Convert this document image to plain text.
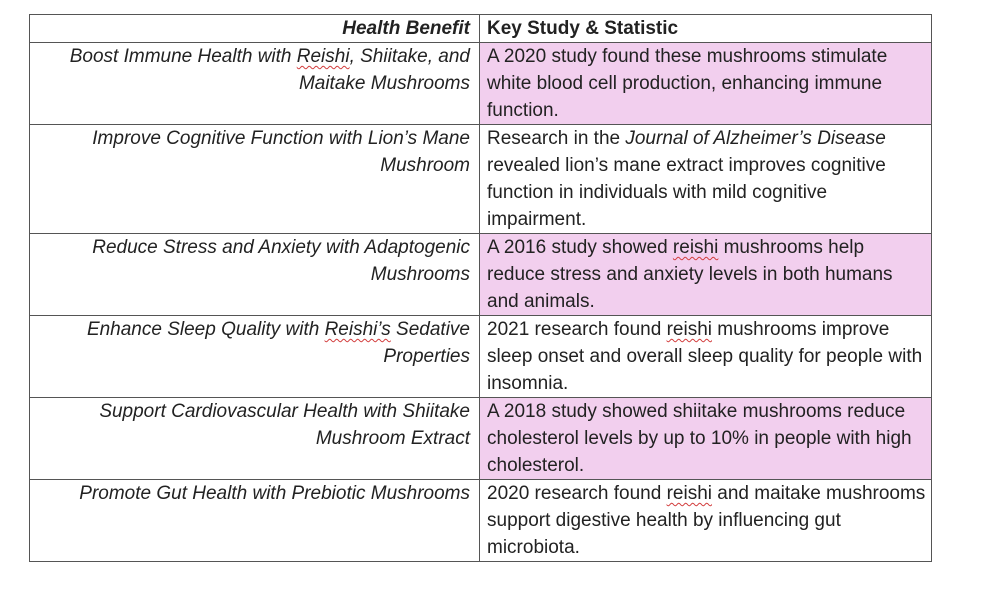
Health Benefit	Key Study & Statistic
Boost Immune Health with Reishi, Shiitake, and Maitake Mushrooms	A 2020 study found these mushrooms stimulate white blood cell production, enhancing immune function.
Improve Cognitive Function with Lion’s Mane Mushroom	Research in the Journal of Alzheimer’s Disease revealed lion’s mane extract improves cognitive function in individuals with mild cognitive impairment.
Reduce Stress and Anxiety with Adaptogenic Mushrooms	A 2016 study showed reishi mushrooms help reduce stress and anxiety levels in both humans and animals.
Enhance Sleep Quality with Reishi’s Sedative Properties	2021 research found reishi mushrooms improve sleep onset and overall sleep quality for people with insomnia.
Support Cardiovascular Health with Shiitake Mushroom Extract	A 2018 study showed shiitake mushrooms reduce cholesterol levels by up to 10% in people with high cholesterol.
Promote Gut Health with Prebiotic Mushrooms	2020 research found reishi and maitake mushrooms support digestive health by influencing gut microbiota.
